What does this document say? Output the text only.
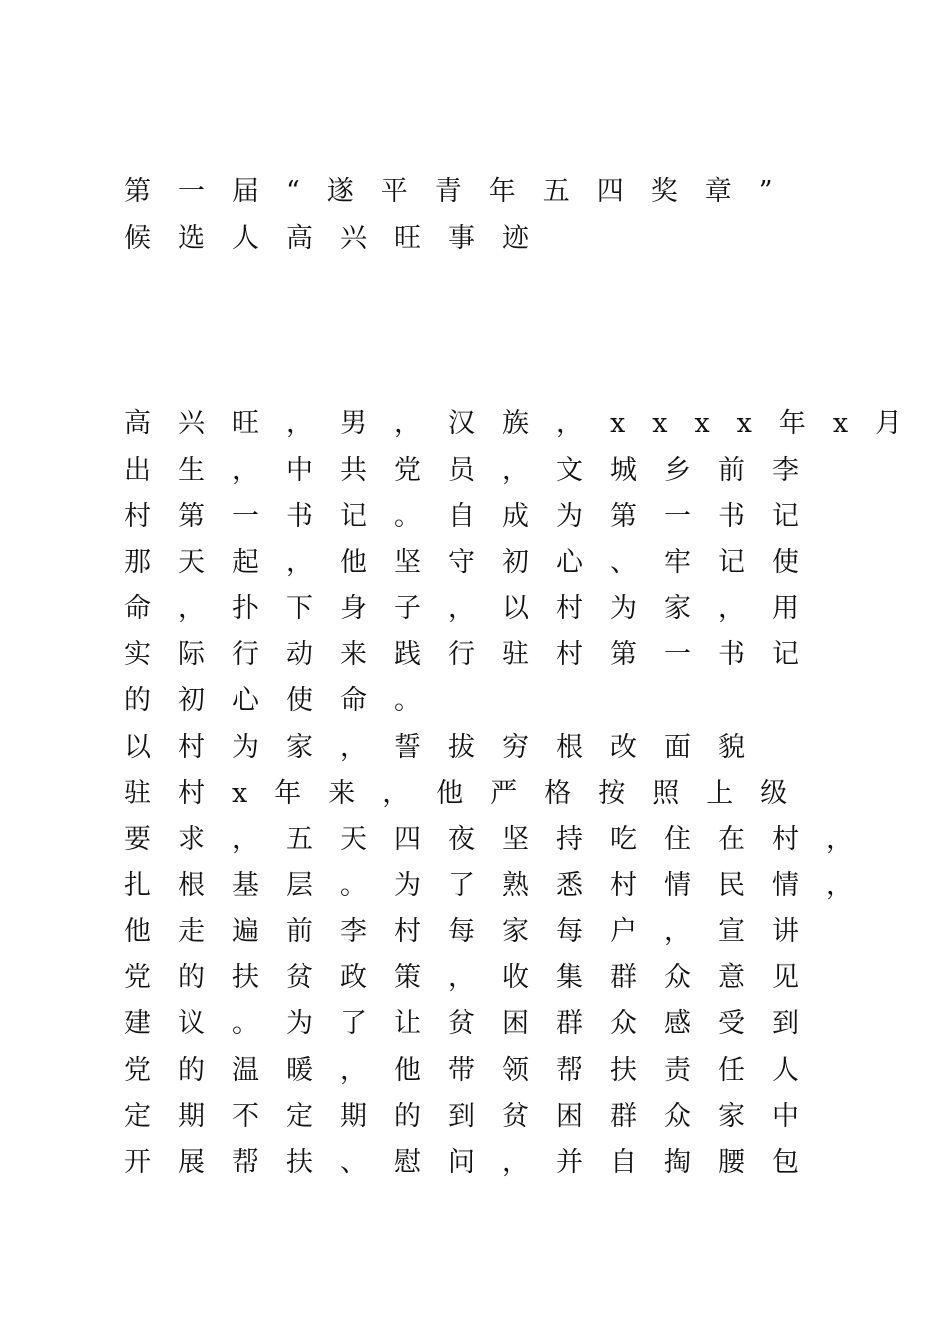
第一届“遂平青年五四奖章”
候选人高兴旺事迹
高兴旺，男，汉族，xxxx年x月
出生，中共党员，文城乡前李
村第一书记。自成为第一书记
那天起，他坚守初心、牢记使
命，扑下身子，以村为家，用
实际行动来践行驻村第一书记
的初心使命。
以村为家，誓拔穷根改面貌
驻村x年来，他严格按照上级
要求，五天四夜坚持吃住在村，
扎根基层。为了熟悉村情民情，
他走遍前李村每家每户，宣讲
党的扶贫政策，收集群众意见
建议。为了让贫困群众感受到
党的温暖，他带领帮扶责任人
定期不定期的到贫困群众家中
开展帮扶、慰问，并自掏腰包
